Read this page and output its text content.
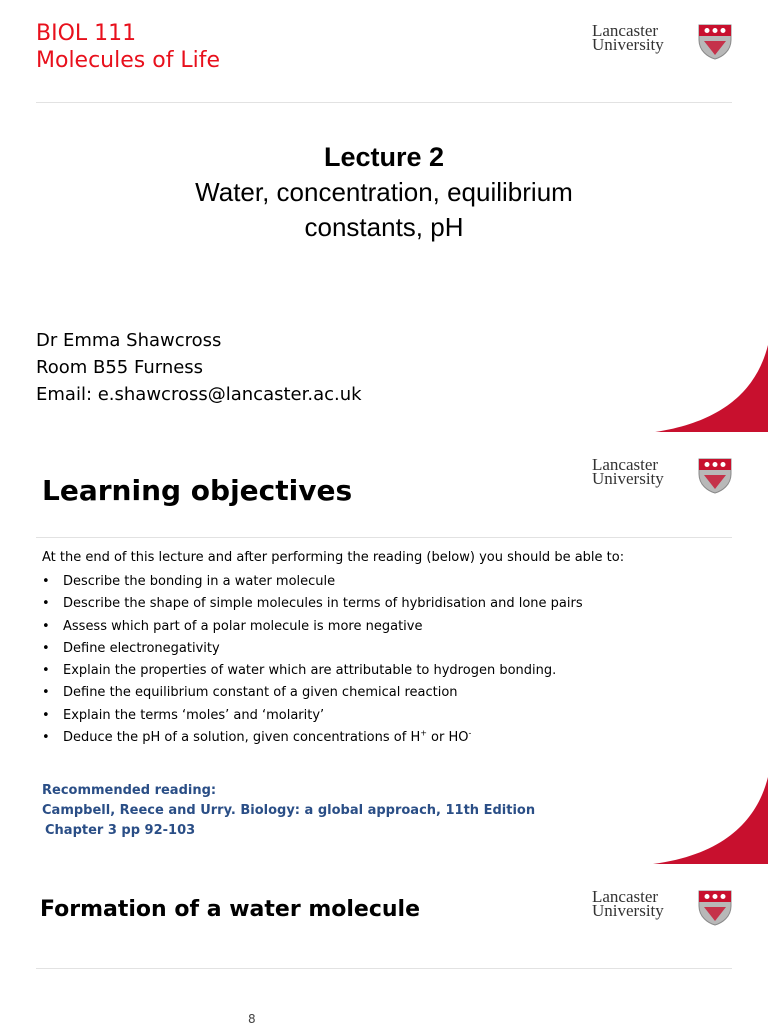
BIOL 111
Molecules of Life
Lancaster
University
Lecture 2
Water, concentration, equilibrium
constants, pH
Dr Emma Shawcross
Room B55 Furness
Email: e.shawcross@lancaster.ac.uk
Lancaster
University
Learning objectives
At the end of this lecture and after performing the reading (below) you should be able to:
• Describe the bonding in a water molecule
• Describe the shape of simple molecules in terms of hybridisation and lone pairs
• Assess which part of a polar molecule is more negative
• Define electronegativity
• Explain the properties of water which are attributable to hydrogen bonding.
• Define the equilibrium constant of a given chemical reaction
• Explain the terms ‘moles’ and ‘molarity’
• Deduce the pH of a solution, given concentrations of H+ or HO-
Recommended reading:
Campbell, Reece and Urry. Biology: a global approach, 11th Edition
Chapter 3 pp 92-103
Lancaster
University
Formation of a water molecule
8
